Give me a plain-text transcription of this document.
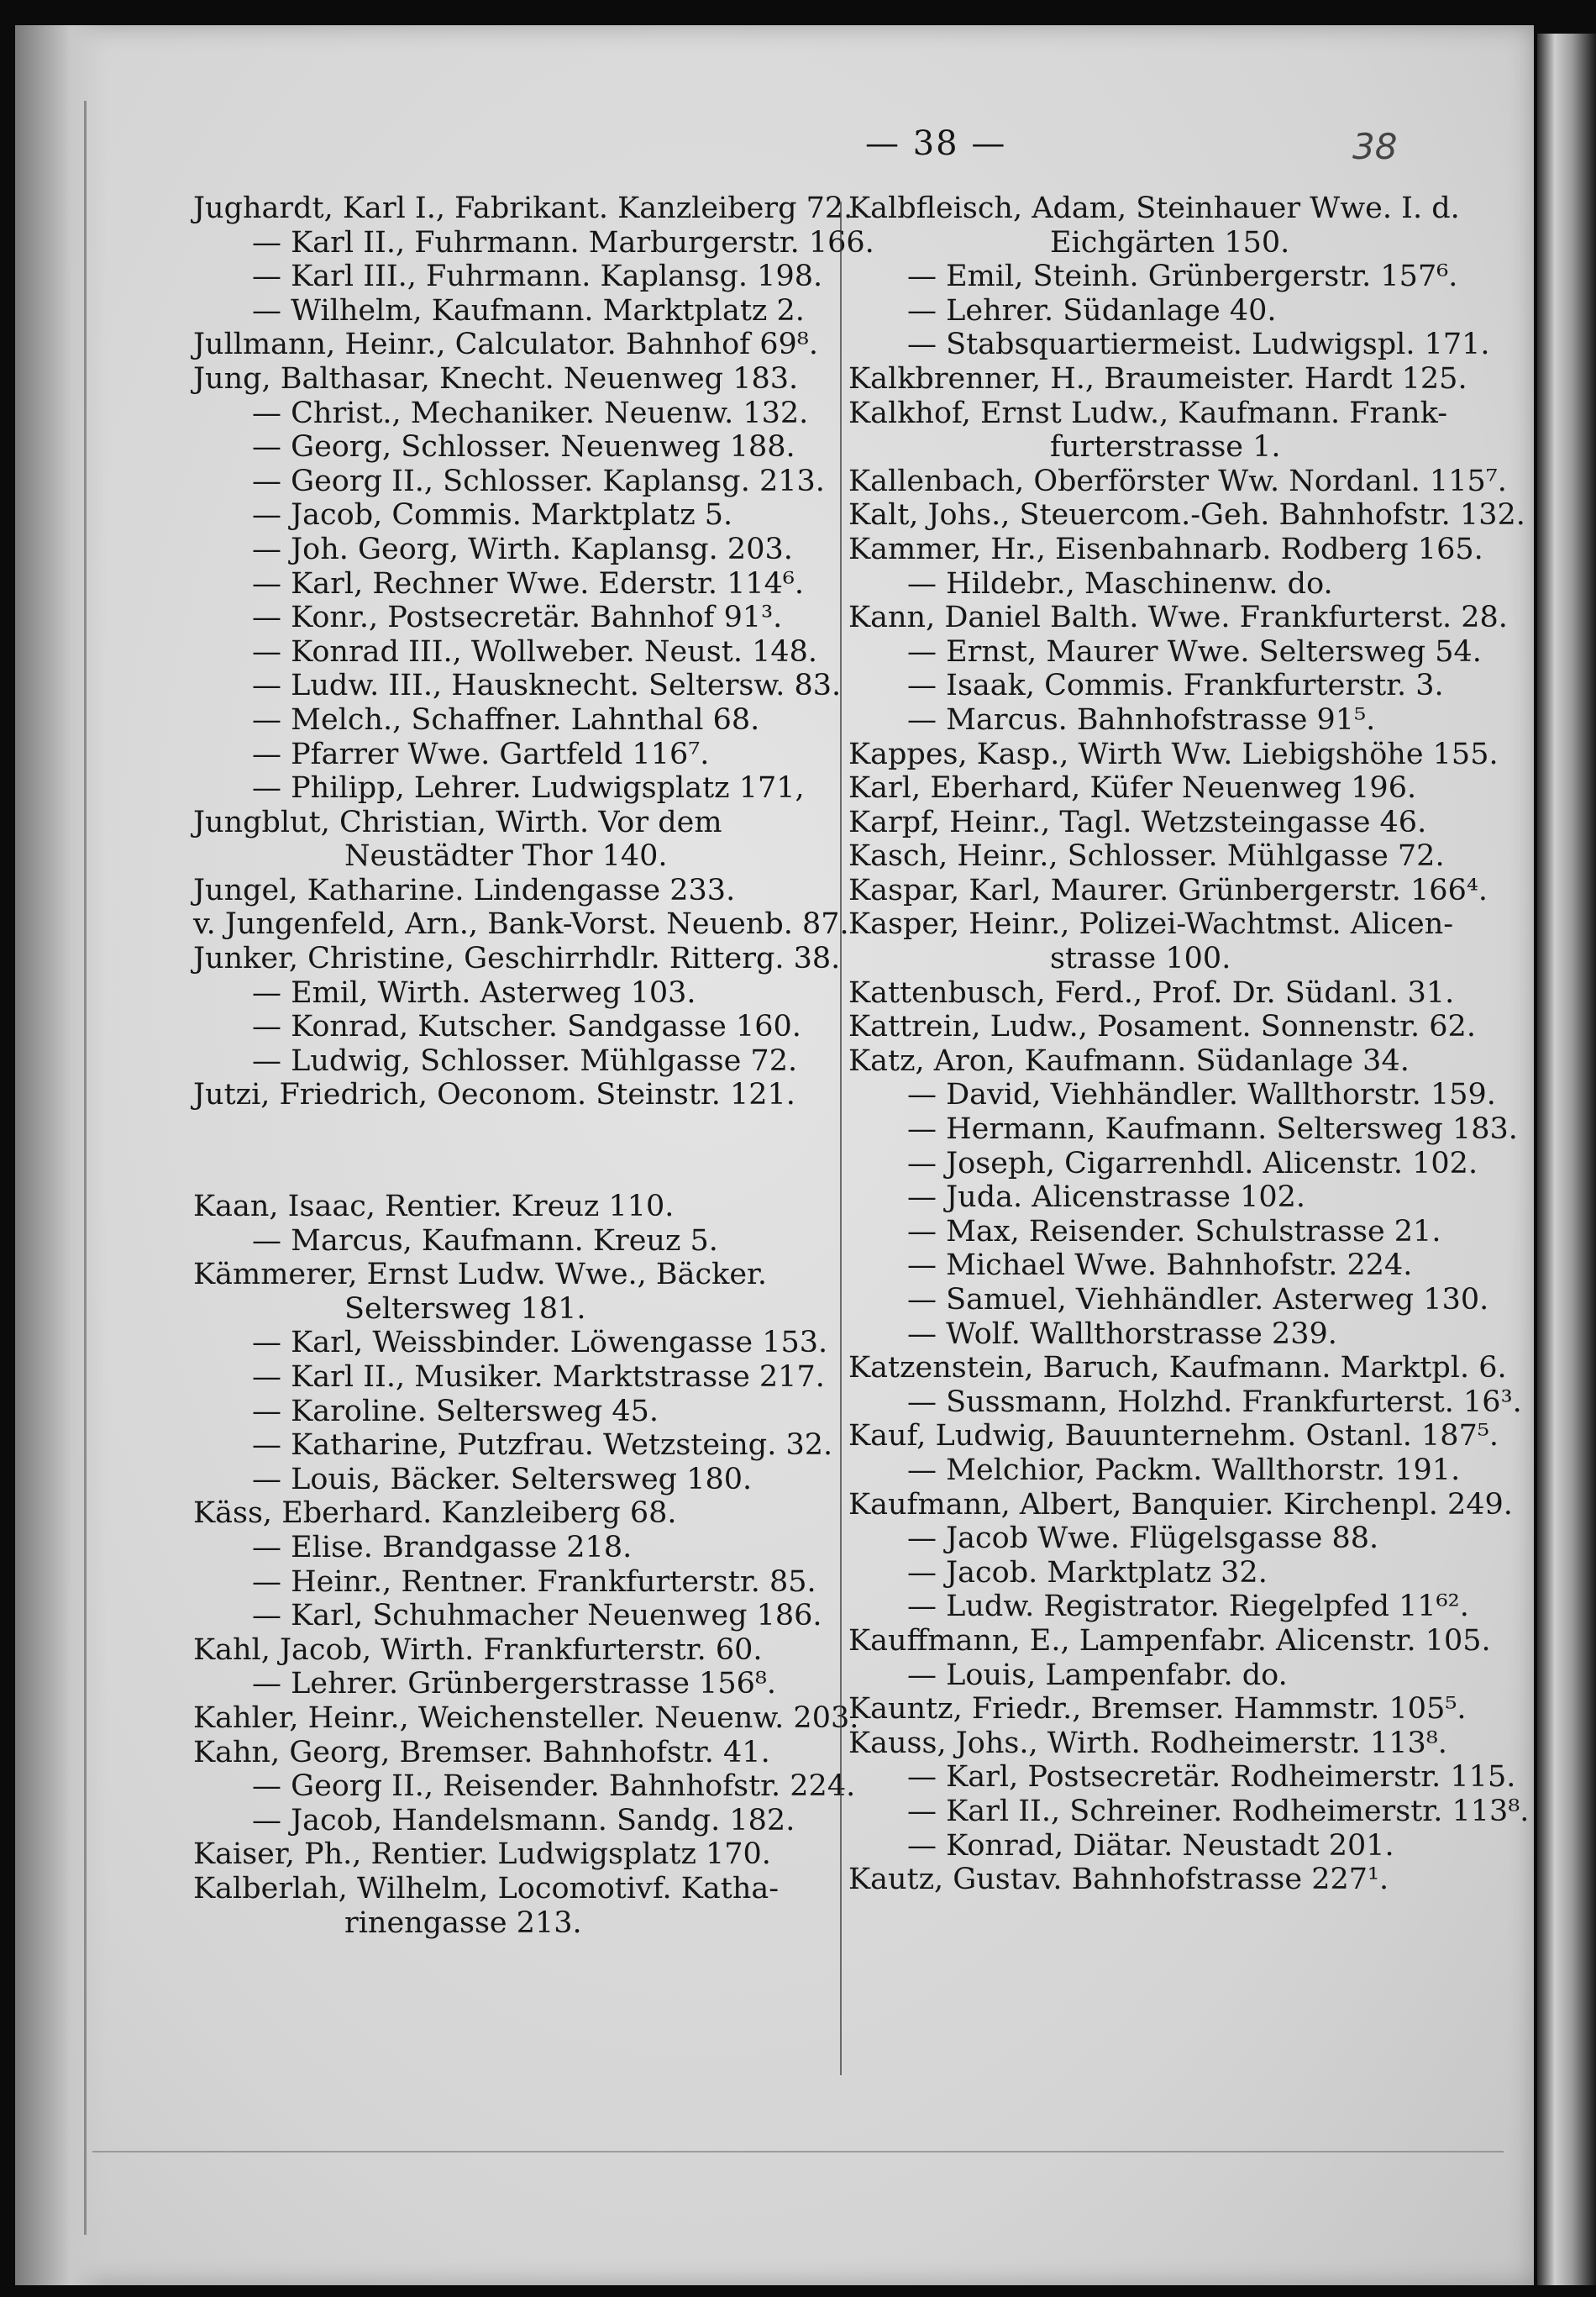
— 38 —	38
Jughardt, Karl I., Fabrikant. Kanzleiberg 72.
— Karl II., Fuhrmann. Marburgerstr. 166.
— Karl III., Fuhrmann. Kaplansg. 198.
— Wilhelm, Kaufmann. Marktplatz 2.
Jullmann, Heinr., Calculator. Bahnhof 69⁸.
Jung, Balthasar, Knecht. Neuenweg 183.
— Christ., Mechaniker. Neuenw. 132.
— Georg, Schlosser. Neuenweg 188.
— Georg II., Schlosser. Kaplansg. 213.
— Jacob, Commis. Marktplatz 5.
— Joh. Georg, Wirth. Kaplansg. 203.
— Karl, Rechner Wwe. Ederstr. 114⁶.
— Konr., Postsecretär. Bahnhof 91³.
— Konrad III., Wollweber. Neust. 148.
— Ludw. III., Hausknecht. Seltersw. 83.
— Melch., Schaffner. Lahnthal 68.
— Pfarrer Wwe. Gartfeld 116⁷.
— Philipp, Lehrer. Ludwigsplatz 171,
Jungblut, Christian, Wirth. Vor dem
Neustädter Thor 140.
Jungel, Katharine. Lindengasse 233.
v. Jungenfeld, Arn., Bank-Vorst. Neuenb. 87.
Junker, Christine, Geschirrhdlr. Ritterg. 38.
— Emil, Wirth. Asterweg 103.
— Konrad, Kutscher. Sandgasse 160.
— Ludwig, Schlosser. Mühlgasse 72.
Jutzi, Friedrich, Oeconom. Steinstr. 121.
Kaan, Isaac, Rentier. Kreuz 110.
— Marcus, Kaufmann. Kreuz 5.
Kämmerer, Ernst Ludw. Wwe., Bäcker.
Seltersweg 181.
— Karl, Weissbinder. Löwengasse 153.
— Karl II., Musiker. Marktstrasse 217.
— Karoline. Seltersweg 45.
— Katharine, Putzfrau. Wetzsteing. 32.
— Louis, Bäcker. Seltersweg 180.
Käss, Eberhard. Kanzleiberg 68.
— Elise. Brandgasse 218.
— Heinr., Rentner. Frankfurterstr. 85.
— Karl, Schuhmacher Neuenweg 186.
Kahl, Jacob, Wirth. Frankfurterstr. 60.
— Lehrer. Grünbergerstrasse 156⁸.
Kahler, Heinr., Weichensteller. Neuenw. 203.
Kahn, Georg, Bremser. Bahnhofstr. 41.
— Georg II., Reisender. Bahnhofstr. 224.
— Jacob, Handelsmann. Sandg. 182.
Kaiser, Ph., Rentier. Ludwigsplatz 170.
Kalberlah, Wilhelm, Locomotivf. Katha-
rinengasse 213.
Kalbfleisch, Adam, Steinhauer Wwe. I. d.
Eichgärten 150.
— Emil, Steinh. Grünbergerstr. 157⁶.
— Lehrer. Südanlage 40.
— Stabsquartiermeist. Ludwigspl. 171.
Kalkbrenner, H., Braumeister. Hardt 125.
Kalkhof, Ernst Ludw., Kaufmann. Frank-
furterstrasse 1.
Kallenbach, Oberförster Ww. Nordanl. 115⁷.
Kalt, Johs., Steuercom.-Geh. Bahnhofstr. 132.
Kammer, Hr., Eisenbahnarb. Rodberg 165.
— Hildebr., Maschinenw. do.
Kann, Daniel Balth. Wwe. Frankfurterst. 28.
— Ernst, Maurer Wwe. Seltersweg 54.
— Isaak, Commis. Frankfurterstr. 3.
— Marcus. Bahnhofstrasse 91⁵.
Kappes, Kasp., Wirth Ww. Liebigshöhe 155.
Karl, Eberhard, Küfer Neuenweg 196.
Karpf, Heinr., Tagl. Wetzsteingasse 46.
Kasch, Heinr., Schlosser. Mühlgasse 72.
Kaspar, Karl, Maurer. Grünbergerstr. 166⁴.
Kasper, Heinr., Polizei-Wachtmst. Alicen-
strasse 100.
Kattenbusch, Ferd., Prof. Dr. Südanl. 31.
Kattrein, Ludw., Posament. Sonnenstr. 62.
Katz, Aron, Kaufmann. Südanlage 34.
— David, Viehhändler. Wallthorstr. 159.
— Hermann, Kaufmann. Seltersweg 183.
— Joseph, Cigarrenhdl. Alicenstr. 102.
— Juda. Alicenstrasse 102.
— Max, Reisender. Schulstrasse 21.
— Michael Wwe. Bahnhofstr. 224.
— Samuel, Viehhändler. Asterweg 130.
— Wolf. Wallthorstrasse 239.
Katzenstein, Baruch, Kaufmann. Marktpl. 6.
— Sussmann, Holzhd. Frankfurterst. 16³.
Kauf, Ludwig, Bauunternehm. Ostanl. 187⁵.
— Melchior, Packm. Wallthorstr. 191.
Kaufmann, Albert, Banquier. Kirchenpl. 249.
— Jacob Wwe. Flügelsgasse 88.
— Jacob. Marktplatz 32.
— Ludw. Registrator. Riegelpfed 11⁶².
Kauffmann, E., Lampenfabr. Alicenstr. 105.
— Louis, Lampenfabr. do.
Kauntz, Friedr., Bremser. Hammstr. 105⁵.
Kauss, Johs., Wirth. Rodheimerstr. 113⁸.
— Karl, Postsecretär. Rodheimerstr. 115.
— Karl II., Schreiner. Rodheimerstr. 113⁸.
— Konrad, Diätar. Neustadt 201.
Kautz, Gustav. Bahnhofstrasse 227¹.
